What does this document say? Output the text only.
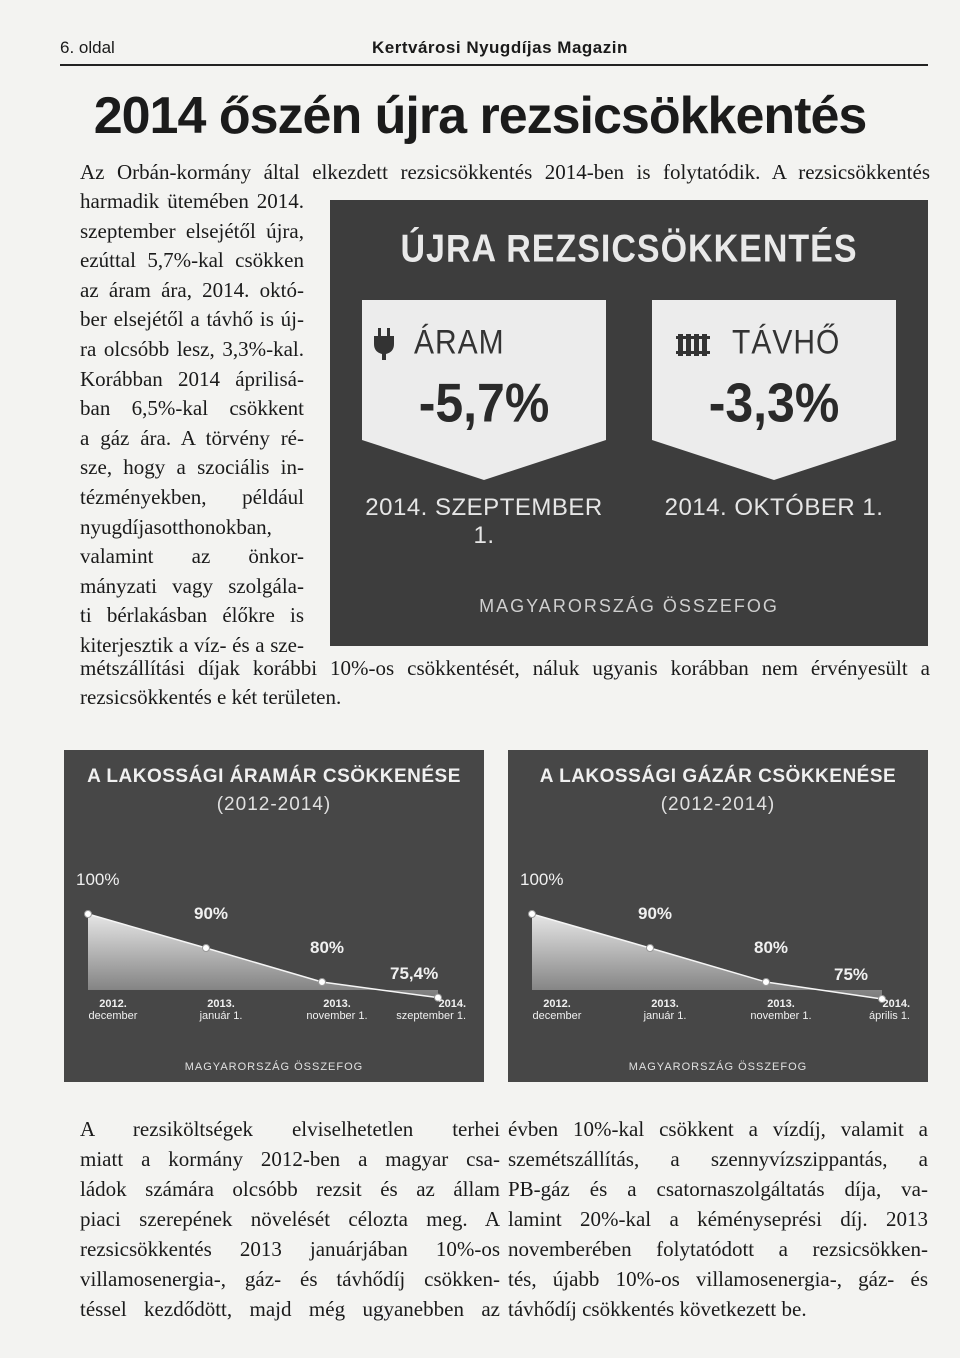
6. oldal	Kertvárosi Nyugdíjas Magazin
2014 őszén újra rezsicsökkentés
Az Orbán-kormány által elkezdett rezsicsökkentés 2014-ben is folytatódik. A rezsicsökkentés
harmadik ütemében 2014.
szeptember elsejétől újra,
ezúttal 5,7%-kal csökken
az áram ára, 2014. októ-
ber elsejétől a távhő is új-
ra olcsóbb lesz, 3,3%-kal.
Korábban 2014 áprilisá-
ban 6,5%-kal csökkent
a gáz ára. A törvény ré-
sze, hogy a szociális in-
tézményekben, például
nyugdíjasotthonokban,
valamint az önkor-
mányzati vagy szolgála-
ti bérlakásban élőkre is
kiterjesztik a víz- és a sze-
ÚJRA REZSICSÖKKENTÉS
ÁRAM
-5,7%
2014. SZEPTEMBER 1.
TÁVHŐ
-3,3%
2014. OKTÓBER 1.
MAGYARORSZÁG ÖSSZEFOG
métszállítási díjak korábbi 10%-os csökkentését, náluk ugyanis korábban nem érvényesült a
rezsicsökkentés e két területen.
A LAKOSSÁGI ÁRAMÁR CSÖKKENÉSE
(2012-2014)
100%
90%
80%
75,4%
2012.
december
2013.
január 1.
2013.
november 1.
2014.
szeptember 1.
MAGYARORSZÁG ÖSSZEFOG
A LAKOSSÁGI GÁZÁR CSÖKKENÉSE
(2012-2014)
100%
90%
80%
75%
2012.
december
2013.
január 1.
2013.
november 1.
2014.
április 1.
MAGYARORSZÁG ÖSSZEFOG
A rezsiköltségek elviselhetetlen terhei
miatt a kormány 2012-ben a magyar csa-
ládok számára olcsóbb rezsit és az állam
piaci szerepének növelését célozta meg. A
rezsicsökkentés 2013 januárjában 10%-os
villamosenergia-, gáz- és távhődíj csökken-
téssel kezdődött, majd még ugyanebben az
évben 10%-kal csökkent a vízdíj, valamit a
szemétszállítás, a szennyvízszippantás, a
PB-gáz és a csatornaszolgáltatás díja, va-
lamint 20%-kal a kéményseprési díj. 2013
novemberében folytatódott a rezsicsökken-
tés, újabb 10%-os villamosenergia-, gáz- és
távhődíj csökkentés következett be.
